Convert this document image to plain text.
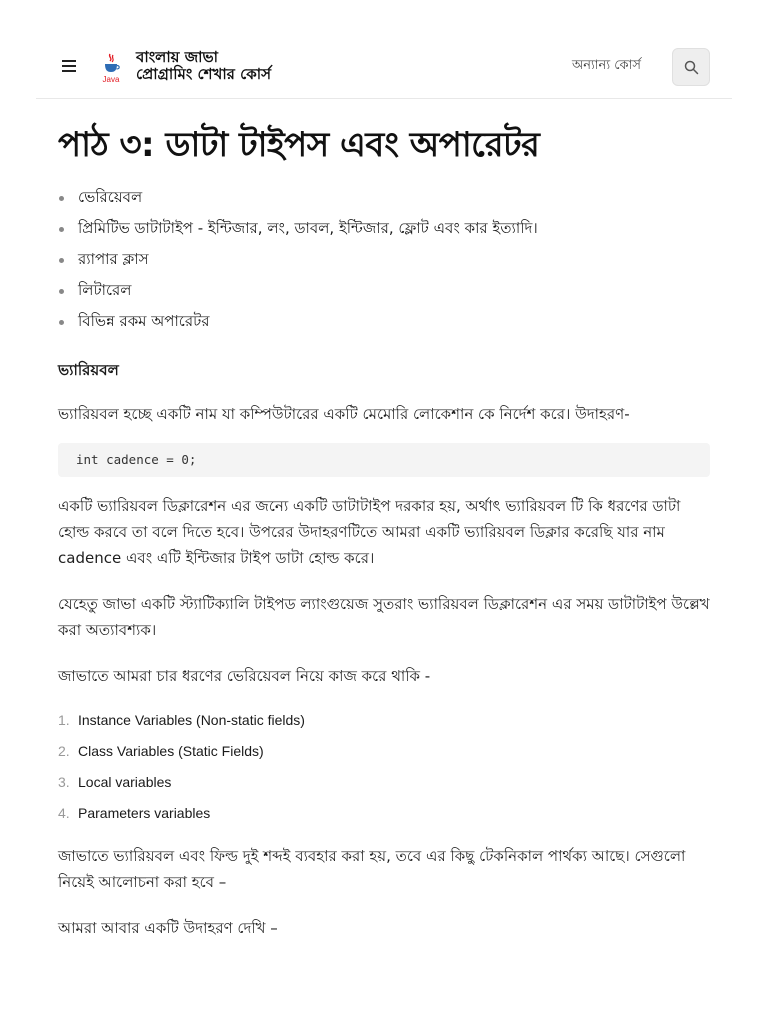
Java
বাংলায় জাভা
প্রোগ্রামিং শেখার কোর্স	অন্যান্য কোর্স
পাঠ ৩: ডাটা টাইপস এবং অপারেটর
ভেরিয়েবল
প্রিমিটিভ ডাটাটাইপ - ইন্টিজার, লং, ডাবল, ইন্টিজার, ফ্লোট এবং কার ইত্যাদি।
র‍্যাপার ক্লাস
লিটারেল
বিভিন্ন রকম অপারেটর
ভ্যারিয়বল

ভ্যারিয়বল হচ্ছে একটি নাম যা কম্পিউটারের একটি মেমোরি লোকেশান কে নির্দেশ করে। উদাহরণ-

int cadence = 0;

একটি ভ্যারিয়বল ডিক্লারেশন এর জন্যে একটি ডাটাটাইপ দরকার হয়, অর্থাৎ ভ্যারিয়বল টি কি ধরণের ডাটা হোল্ড করবে তা বলে দিতে হবে। উপরের উদাহরণটিতে আমরা একটি ভ্যারিয়বল ডিক্লার করেছি যার নাম cadence এবং এটি ইন্টিজার টাইপ ডাটা হোল্ড করে।

যেহেতু জাভা একটি স্ট্যাটিক্যালি টাইপড ল্যাংগুয়েজ সুতরাং ভ্যারিয়বল ডিক্লারেশন এর সময় ডাটাটাইপ উল্লেখ করা অত্যাবশ্যক।

জাভাতে আমরা চার ধরণের ভেরিয়েবল নিয়ে কাজ করে থাকি -

1. Instance Variables (Non-static fields)
2. Class Variables (Static Fields)
3. Local variables
4. Parameters variables

জাভাতে ভ্যারিয়বল এবং ফিল্ড দুই শব্দই ব্যবহার করা হয়, তবে এর কিছু টেকনিকাল পার্থক্য আছে। সেগুলো নিয়েই আলোচনা করা হবে –

আমরা আবার একটি উদাহরণ দেখি –
